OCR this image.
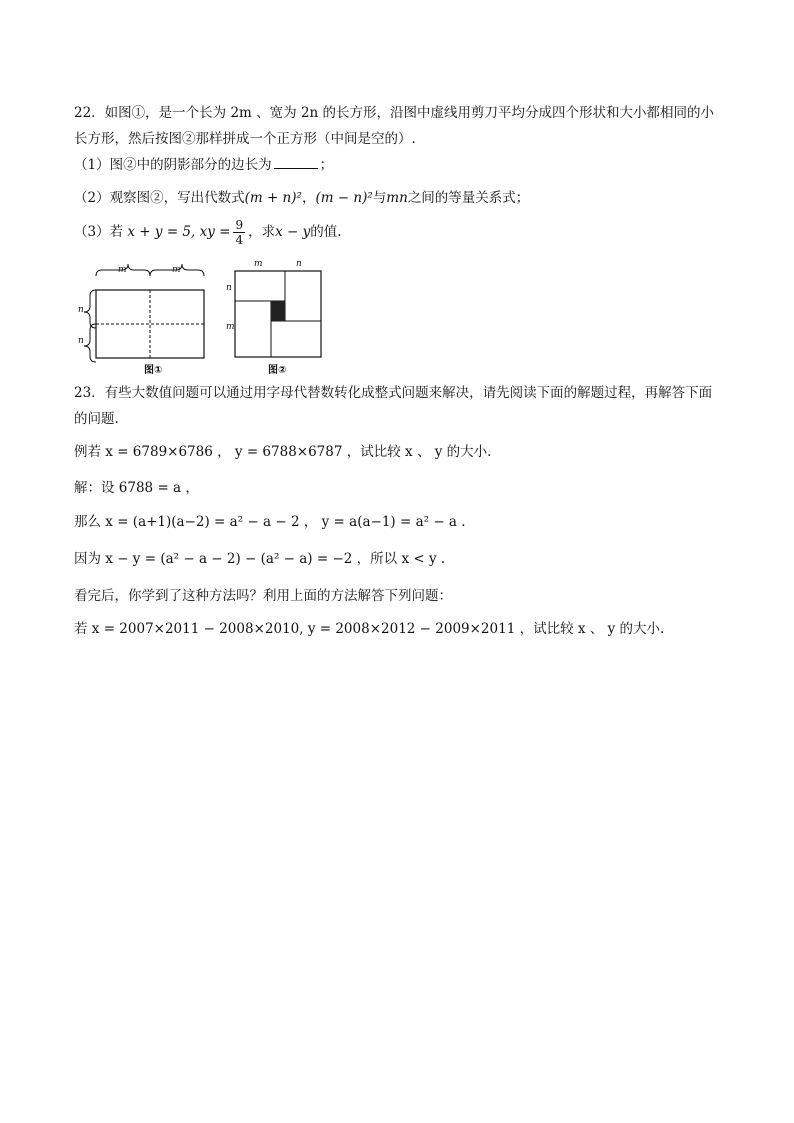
22．如图①，是一个长为 2m 、宽为 2n 的长方形，沿图中虚线用剪刀平均分成四个形状和大小都相同的小长方形，然后按图②那样拼成一个正方形（中间是空的）.
（1）图②中的阴影部分的边长为	；
（2）观察图②，写出代数式(m + n)²，(m − n)²与mn之间的等量关系式；
（3）若 x + y = 5, xy = $\frac{9}{4}$ ，求x − y的值.
m	m
n
n
图①
m	n
n
m
图②
23．有些大数值问题可以通过用字母代替数转化成整式问题来解决，请先阅读下面的解题过程，再解答下面的问题.
例若 x = 6789×6786 ， y = 6788×6787 ，试比较 x 、 y 的大小.
解：设 6788 = a ，
那么 x = (a+1)(a−2) = a² − a − 2 ， y = a(a−1) = a² − a .
因为 x − y = (a² − a − 2) − (a² − a) = −2 ，所以 x < y .
看完后，你学到了这种方法吗？利用上面的方法解答下列问题：
若 x = 2007×2011 − 2008×2010, y = 2008×2012 − 2009×2011 ，试比较 x 、 y 的大小.
